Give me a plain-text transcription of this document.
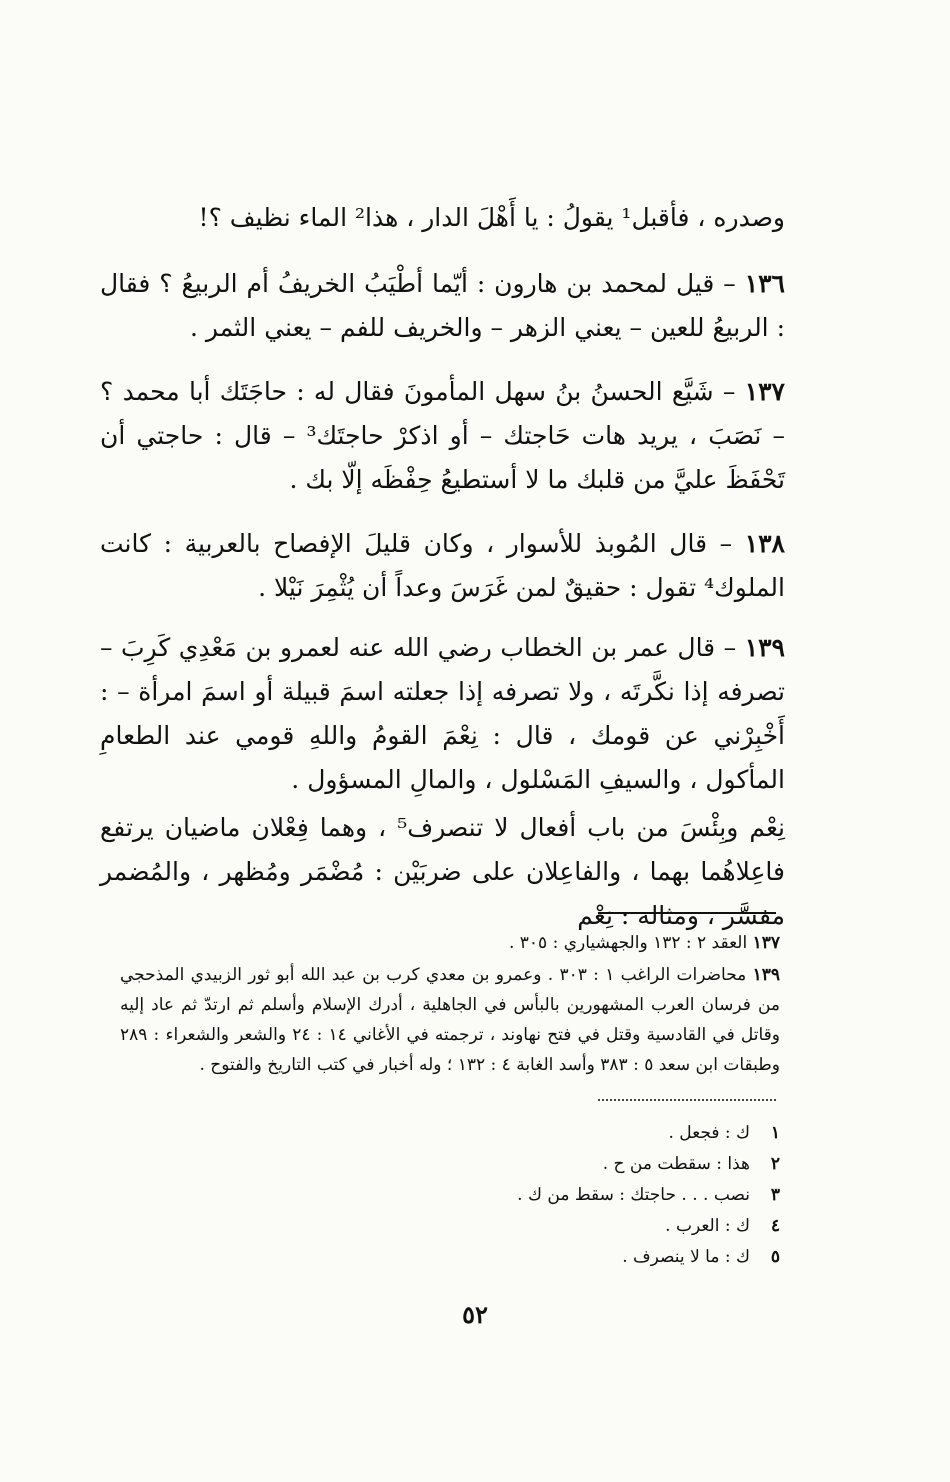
وصدره ، فأقبل¹ يقولُ : يا أَهْلَ الدار ، هذا² الماء نظيف ؟!

١٣٦ – قيل لمحمد بن هارون : أيّما أطْيَبُ الخريفُ أم الربيعُ ؟ فقال : الربيعُ للعين – يعني الزهر – والخريف للفم – يعني الثمر .

١٣٧ – شَيَّع الحسنُ بنُ سهل المأمونَ فقال له : حاجَتَك أبا محمد ؟ – نَصَبَ ، يريد هات حَاجتك – أو اذكرْ حاجتَك³ – قال : حاجتي أن تَحْفَظَ عليَّ من قلبك ما لا أستطيعُ حِفْظَه إلّا بك .

١٣٨ – قال المُوبذ للأسوار ، وكان قليلَ الإفصاح بالعربية : كانت الملوك⁴ تقول : حقيقٌ لمن غَرَسَ وعداً أن يُثْمِرَ نَيْلا .

١٣٩ – قال عمر بن الخطاب رضي الله عنه لعمرو بن مَعْدِي كَرِبَ – تصرفه إذا نكَّرتَه ، ولا تصرفه إذا جعلته اسمَ قبيلة أو اسمَ امرأة – : أَخْبِرْني عن قومك ، قال : نِعْمَ القومُ واللهِ قومي عند الطعامِ المأكول ، والسيفِ المَسْلول ، والمالِ المسؤول .

نِعْم وبِئْسَ من باب أفعال لا تنصرف⁵ ، وهما فِعْلان ماضيان يرتفع فاعِلاهُما بهما ، والفاعِلان على ضربَيْن : مُضْمَر ومُظهر ، والمُضمر مفسَّر ، ومثاله : نِعْم

١٣٧ العقد ٢ : ١٣٢ والجهشياري : ٣٠٥ .

١٣٩ محاضرات الراغب ١ : ٣٠٣ . وعمرو بن معدي كرب بن عبد الله أبو ثور الزبيدي المذحجي من فرسان العرب المشهورين بالبأس في الجاهلية ، أدرك الإسلام وأسلم ثم ارتدّ ثم عاد إليه وقاتل في القادسية وقتل في فتح نهاوند ، ترجمته في الأغاني ١٤ : ٢٤ والشعر والشعراء : ٢٨٩ وطبقات ابن سعد ٥ : ٣٨٣ وأسد الغابة ٤ : ١٣٢ ؛ وله أخبار في كتب التاريخ والفتوح .

١ك : فجعل .
٢هذا : سقطت من ح .
٣نصب . . . حاجتك : سقط من ك .
٤ك : العرب .
٥ك : ما لا ينصرف .
٥٢
